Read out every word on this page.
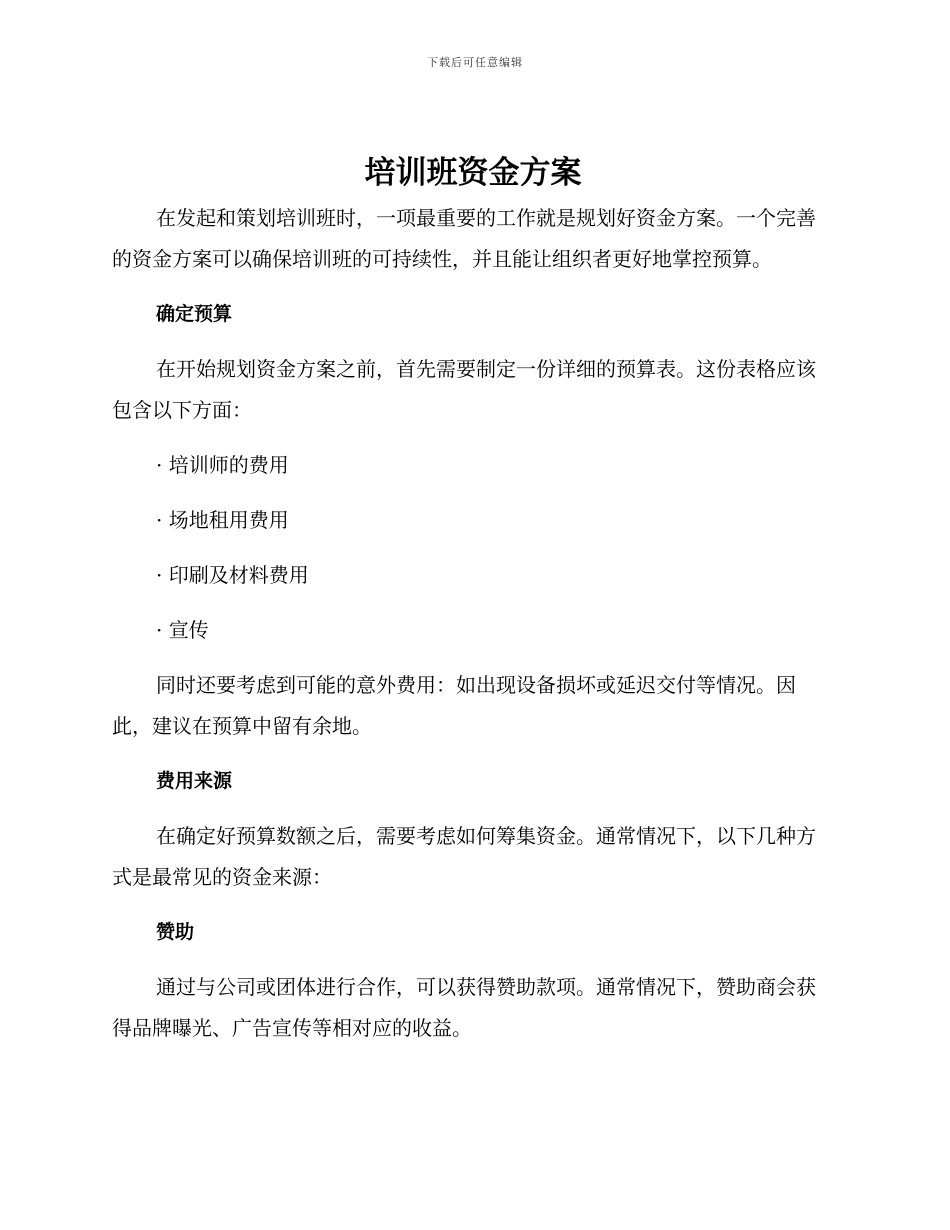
下载后可任意编辑
培训班资金方案

在发起和策划培训班时，一项最重要的工作就是规划好资金方案。一个完善的资金方案可以确保培训班的可持续性，并且能让组织者更好地掌控预算。

确定预算

在开始规划资金方案之前，首先需要制定一份详细的预算表。这份表格应该包含以下方面：

· 培训师的费用

· 场地租用费用

· 印刷及材料费用

· 宣传

同时还要考虑到可能的意外费用：如出现设备损坏或延迟交付等情况。因此，建议在预算中留有余地。

费用来源

在确定好预算数额之后，需要考虑如何筹集资金。通常情况下，以下几种方式是最常见的资金来源：

赞助

通过与公司或团体进行合作，可以获得赞助款项。通常情况下，赞助商会获得品牌曝光、广告宣传等相对应的收益。
